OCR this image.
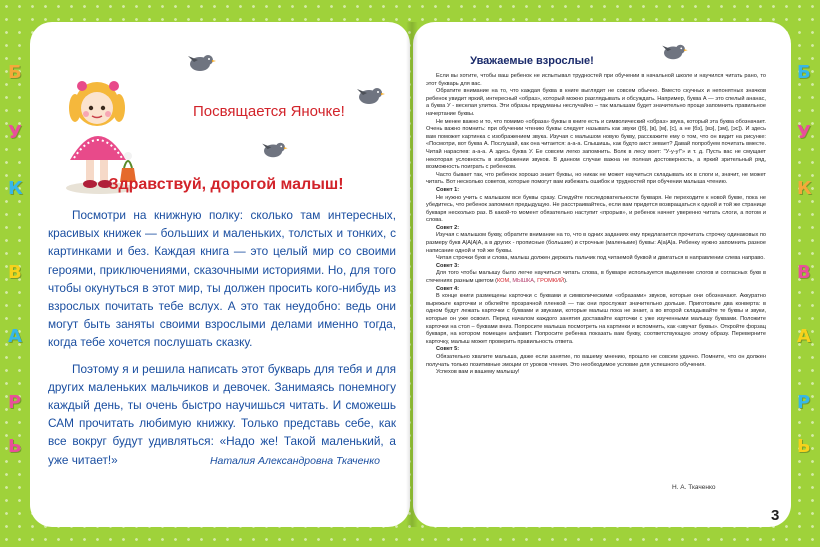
Б
У
К
В
А
Р
Ь
Б
У
К
В
А
Р
Ь
Посвящается Яночке!
Здравствуй, дорогой малыш!

Посмотри на книжную полку: сколько там интересных, красивых книжек — больших и маленьких, толстых и тонких, с картинками и без. Каждая книга — это целый мир со своими героями, приключениями, сказочными историями. Но, для того чтобы окунуться в этот мир, ты должен просить кого-нибудь из взрослых почитать тебе вслух. А это так неудобно: ведь они могут быть заняты своими взрослыми делами именно тогда, когда тебе хочется послушать сказку.

Поэтому я и решила написать этот букварь для тебя и для других маленьких мальчиков и девочек. Занимаясь понемногу каждый день, ты очень быстро научишься читать. И сможешь САМ прочитать любимую книжку. Только представь себе, как все вокруг будут удивляться: «Надо же! Такой маленький, а уже читает!»	Наталия Александровна Ткаченко
Уважаемые взрослые!

Если вы хотите, чтобы ваш ребенок не испытывал трудностей при обучении в начальной школе и научился читать рано, то этот букварь для вас.

Обратите внимание на то, что каждая буква в книге выглядит не совсем обычно. Вместо скучных и непонятных значков ребенок увидит яркий, интересный «образ», который можно разглядывать и обсуждать. Например, буква А — это спелый ананас, а буква У - веселая улитка. Эти образы придуманы неслучайно – так малышам будет значительно проще запомнить правильное начертание буквы.

Не менее важно и то, что помимо «образа» буквы в книге есть и символический «образ» звука, который эта буква обозначает. Очень важно помнить: при обучении чтению буквы следует называть как звуки ([б], [в], [м], [с], а не [бэ], [вэ], [эм], [эс]). И здесь вам поможет картинка с изображением звука. Изучая с малышом новую букву, расскажите ему о том, что он видит на рисунке: «Посмотри, вот буква А. Послушай, как она читается: а-а-а. Слышишь, как будто аист зевает? Давай попробуем почитать вместе. Читай нараспев: а-а-а. А здесь буква У. Ее совсем легко запомнить. Волк в лесу воет: "У-у-у!"» и т. д. Пусть вас не смущает некоторая условность в изображении звуков. В данном случае важна не полная достоверность, а яркий зрительный ряд, возможность поиграть с ребенком.

Часто бывает так, что ребенок хорошо знает буквы, но никак не может научиться складывать их в слоги и, значит, не может читать. Вот несколько советов, которые помогут вам избежать ошибок и трудностей при обучении малыша чтению.

Совет 1:

Не нужно учить с малышом все буквы сразу. Следуйте последовательности букваря. Не переходите к новой букве, пока не убедитесь, что ребенок запомнил предыдущую. Не расстраивайтесь, если вам придется возвращаться к одной и той же странице букваря несколько раз. В какой-то момент обязательно наступит «прорыв», и ребенок начнет уверенно читать слоги, а потом и слова.

Совет 2:

Изучая с малышом букву, обратите внимание на то, что в одних заданиях ему предлагается прочитать строчку одинаковых по размеру букв А|А|А|А, а в других - прописные (большие) и строчные (маленькие) буквы: А|а|А|а. Ребенку нужно запомнить разное написание одной и той же буквы.

Читая строчки букв и слова, малыш должен держать пальчик под читаемой буквой и двигаться в направлении слева направо.

Совет 3:

Для того чтобы малышу было легче научиться читать слова, в букваре используется выделение слогов и согласных букв в стечениях разным цветом (КОМ, МЫШКА, ГРОМКИЙ).

Совет 4:

В конце книги размещены карточки с буквами и символическими «образами» звуков, которые они обозначают. Аккуратно вырежьте карточки и обклейте прозрачной пленкой — так они прослужат значительно дольше. Приготовьте два конверта: в одном будут лежать карточки с буквами и звуками, которые малыш пока не знает, а во второй складывайте те буквы и звуки, которые он уже освоил. Перед началом каждого занятия доставайте карточки с уже изученными малышу буквами. Положите карточки на стол – буквами вниз. Попросите малыша посмотреть на картинки и вспомнить, как «звучат буквы». Откройте форзац букваря, на котором помещен алфавит. Попросите ребенка показать вам букву, соответствующую этому образу. Переверните карточку, малыш может проверить правильность ответа.

Совет 5:

Обязательно хвалите малыша, даже если занятие, по вашему мнению, прошло не совсем удачно. Помните, что он должен получать только позитивные эмоции от уроков чтения. Это необходимое условие для успешного обучения.

Успехов вам и вашему малышу!

Н. А. Ткаченко
3
